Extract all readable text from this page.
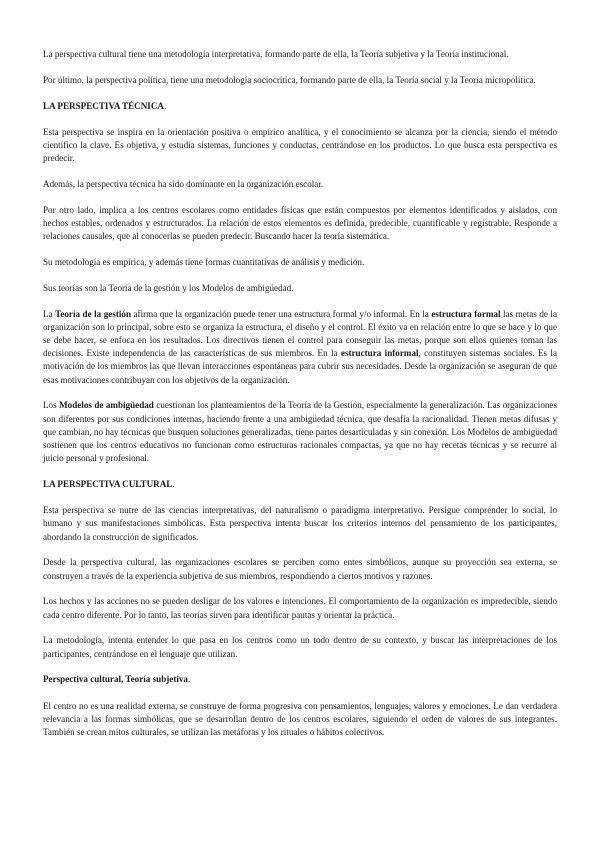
La perspectiva cultural tiene una metodología interpretativa, formando parte de ella, la Teoría subjetiva y la Teoría institucional.

Por último, la perspectiva política, tiene una metodología sociocrítica, formando parte de ella, la Teoría social y la Teoría micropolítica.

LA PERSPECTIVA TÉCNICA.

Esta perspectiva se inspira en la orientación positiva o empírico analítica, y el conocimiento se alcanza por la ciencia, siendo el método científico la clave. Es objetiva, y estudia sistemas, funciones y conductas, centrándose en los productos. Lo que busca esta perspectiva es predecir.

Además, la perspectiva técnica ha sido dominante en la organización escolar.

Por otro lado, implica a los centros escolares como entidades físicas que están compuestos por elementos identificados y aislados, con hechos estables, ordenados y estructurados. La relación de estos elementos es definida, predecible, cuantificable y registrable. Responde a relaciones causales, que al conocerlas se pueden predecir. Buscando hacer la teoría sistemática.

Su metodología es empírica, y además tiene formas cuantitativas de análisis y medición.

Sus teorías son la Teoría de la gestión y los Modelos de ambigüedad.

La Teoría de la gestión afirma que la organización puede tener una estructura formal y/o informal. En la estructura formal las metas de la organización son lo principal, sobre esto se organiza la estructura, el diseño y el control. El éxito va en relación entre lo que se hace y lo que se debe hacer, se enfoca en los resultados. Los directivos tienen el control para conseguir las metas, porque son ellos quienes toman las decisiones. Existe independencia de las características de sus miembros. En la estructura informal, constituyen sistemas sociales. Es la motivación de los miembros las que llevan interacciones espontáneas para cubrir sus necesidades. Desde la organización se aseguran de que esas motivaciones contribuyan con los objetivos de la organización.

Los Modelos de ambigüedad cuestionan los planteamientos de la Teoría de la Gestión, especialmente la generalización. Las organizaciones son diferentes por sus condiciones internas, haciendo frente a una ambigüedad técnica, que desafía la racionalidad. Tienen metas difusas y que cambian, no hay técnicas que busquen soluciones generalizadas, tiene partes desarticuladas y sin conexión. Los Modelos de ambigüedad sostienen que los centros educativos no funcionan como estructuras racionales compactas, ya que no hay recetas técnicas y se recurre al juicio personal y profesional.

LA PERSPECTIVA CULTURAL.

Esta perspectiva se nutre de las ciencias interpretativas, del naturalismo o paradigma interpretativo. Persigue comprender lo social, lo humano y sus manifestaciones simbólicas. Esta perspectiva intenta buscar los criterios internos del pensamiento de los participantes, abordando la construcción de significados.

Desde la perspectiva cultural, las organizaciones escolares se perciben como entes simbólicos, aunque su proyección sea externa, se construyen a través de la experiencia subjetiva de sus miembros, respondiendo a ciertos motivos y razones.

Los hechos y las acciones no se pueden desligar de los valores e intenciones. El comportamiento de la organización es impredecible, siendo cada centro diferente. Por lo tanto, las teorías sirven para identificar pautas y orientar la práctica.

La metodología, intenta entender lo que pasa en los centros como un todo dentro de su contexto, y buscar las interpretaciones de los participantes, centrándose en el lenguaje que utilizan.

Perspectiva cultural, Teoría subjetiva.

El centro no es una realidad externa, se construye de forma progresiva con pensamientos, lenguajes, valores y emociones. Le dan verdadera relevancia a las formas simbólicas, que se desarrollan dentro de los centros escolares, siguiendo el orden de valores de sus integrantes. También se crean mitos culturales, se utilizan las metáforas y los rituales o hábitos colectivos.
